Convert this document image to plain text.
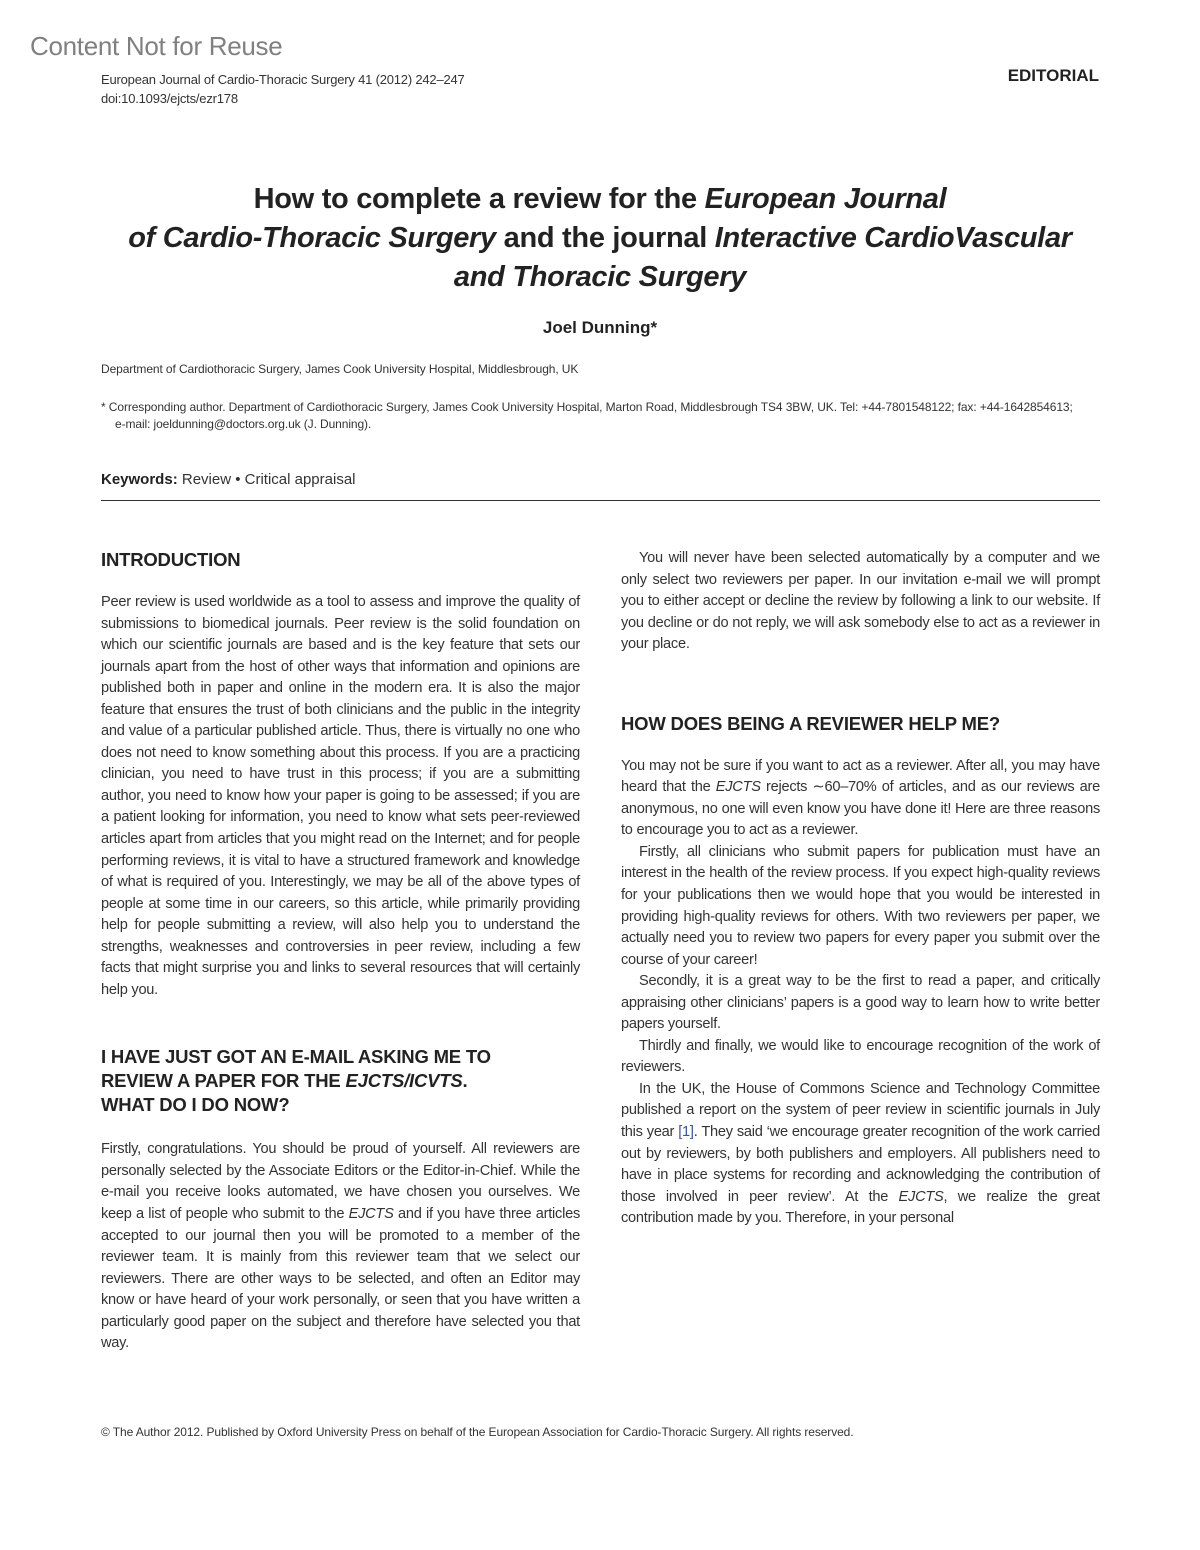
Content Not for Reuse
European Journal of Cardio-Thoracic Surgery 41 (2012) 242–247
doi:10.1093/ejcts/ezr178
EDITORIAL
How to complete a review for the European Journal
of Cardio-Thoracic Surgery and the journal Interactive CardioVascular
and Thoracic Surgery
Joel Dunning*
Department of Cardiothoracic Surgery, James Cook University Hospital, Middlesbrough, UK
* Corresponding author. Department of Cardiothoracic Surgery, James Cook University Hospital, Marton Road, Middlesbrough TS4 3BW, UK. Tel: +44-7801548122; fax: +44-1642854613; e-mail: joeldunning@doctors.org.uk (J. Dunning).
Keywords: Review • Critical appraisal
INTRODUCTION

Peer review is used worldwide as a tool to assess and improve the quality of submissions to biomedical journals. Peer review is the solid foundation on which our scientific journals are based and is the key feature that sets our journals apart from the host of other ways that information and opinions are published both in paper and online in the modern era. It is also the major feature that ensures the trust of both clinicians and the public in the integrity and value of a particular published article. Thus, there is virtually no one who does not need to know something about this process. If you are a practicing clinician, you need to have trust in this process; if you are a submitting author, you need to know how your paper is going to be assessed; if you are a patient looking for information, you need to know what sets peer-reviewed articles apart from articles that you might read on the Internet; and for people performing reviews, it is vital to have a structured framework and knowledge of what is required of you. Interestingly, we may be all of the above types of people at some time in our careers, so this article, while primarily providing help for people submitting a review, will also help you to understand the strengths, weaknesses and controversies in peer review, including a few facts that might surprise you and links to several resources that will certainly help you.

I HAVE JUST GOT AN E-MAIL ASKING ME TO REVIEW A PAPER FOR THE EJCTS/ICVTS. WHAT DO I DO NOW?

Firstly, congratulations. You should be proud of yourself. All reviewers are personally selected by the Associate Editors or the Editor-in-Chief. While the e-mail you receive looks automated, we have chosen you ourselves. We keep a list of people who submit to the EJCTS and if you have three articles accepted to our journal then you will be promoted to a member of the reviewer team. It is mainly from this reviewer team that we select our reviewers. There are other ways to be selected, and often an Editor may know or have heard of your work personally, or seen that you have written a particularly good paper on the subject and therefore have selected you that way.

You will never have been selected automatically by a computer and we only select two reviewers per paper. In our invitation e-mail we will prompt you to either accept or decline the review by following a link to our website. If you decline or do not reply, we will ask somebody else to act as a reviewer in your place.

HOW DOES BEING A REVIEWER HELP ME?

You may not be sure if you want to act as a reviewer. After all, you may have heard that the EJCTS rejects ∼60–70% of articles, and as our reviews are anonymous, no one will even know you have done it! Here are three reasons to encourage you to act as a reviewer.

Firstly, all clinicians who submit papers for publication must have an interest in the health of the review process. If you expect high-quality reviews for your publications then we would hope that you would be interested in providing high-quality reviews for others. With two reviewers per paper, we actually need you to review two papers for every paper you submit over the course of your career!

Secondly, it is a great way to be the first to read a paper, and critically appraising other clinicians’ papers is a good way to learn how to write better papers yourself.

Thirdly and finally, we would like to encourage recognition of the work of reviewers.

In the UK, the House of Commons Science and Technology Committee published a report on the system of peer review in scientific journals in July this year [1]. They said ‘we encourage greater recognition of the work carried out by reviewers, by both publishers and employers. All publishers need to have in place systems for recording and acknowledging the contribution of those involved in peer review’. At the EJCTS, we realize the great contribution made by you. Therefore, in your personal

© The Author 2012. Published by Oxford University Press on behalf of the European Association for Cardio-Thoracic Surgery. All rights reserved.
